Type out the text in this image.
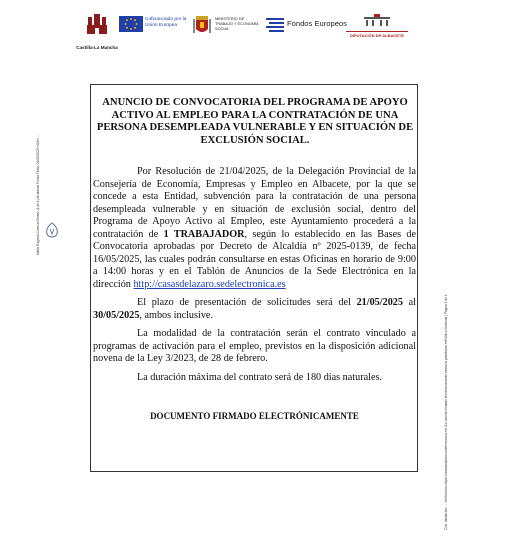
Castilla-La Mancha
Cofinanciado por la Unión Europea
MINISTERIO DE TRABAJO Y ECONOMÍA SOCIAL
Fondos Europeos
DIPUTACIÓN DE ALBACETE
María Eugenia Cuenca Gómez (1 de 1) Alcaldesa Fecha Firma: 21/05/2025 HASH: ...
Cód. Validación: ... Verificación: https://casasdelazaro.sedelectronica.es/ Documento firmado electrónicamente desde la plataforma esPublico Gestiona | Página 1 de 1
ANUNCIO DE CONVOCATORIA DEL PROGRAMA DE APOYO ACTIVO AL EMPLEO PARA LA CONTRATACIÓN DE UNA PERSONA DESEMPLEADA VULNERABLE Y EN SITUACIÓN DE EXCLUSIÓN SOCIAL.

Por Resolución de 21/04/2025, de la Delegación Provincial de la Consejería de Economía, Empresas y Empleo en Albacete, por la que se concede a esta Entidad, subvención para la contratación de una persona desempleada vulnerable y en situación de exclusión social, dentro del Programa de Apoyo Activo al Empleo, este Ayuntamiento procederá a la contratación de 1 TRABAJADOR, según lo establecido en las Bases de Convocatoria aprobadas por Decreto de Alcaldía nº 2025-0139, de fecha 16/05/2025, las cuales podrán consultarse en estas Oficinas en horario de 9:00 a 14:00 horas y en el Tablón de Anuncios de la Sede Electrónica en la dirección http://casasdelazaro.sedelectronica.es

El plazo de presentación de solicitudes será del 21/05/2025 al 30/05/2025, ambos inclusive.

La modalidad de la contratación serán el contrato vinculado a programas de activación para el empleo, previstos en la disposición adicional novena de la Ley 3/2023, de 28 de febrero.

La duración máxima del contrato será de 180 días naturales.

DOCUMENTO FIRMADO ELECTRÓNICAMENTE
